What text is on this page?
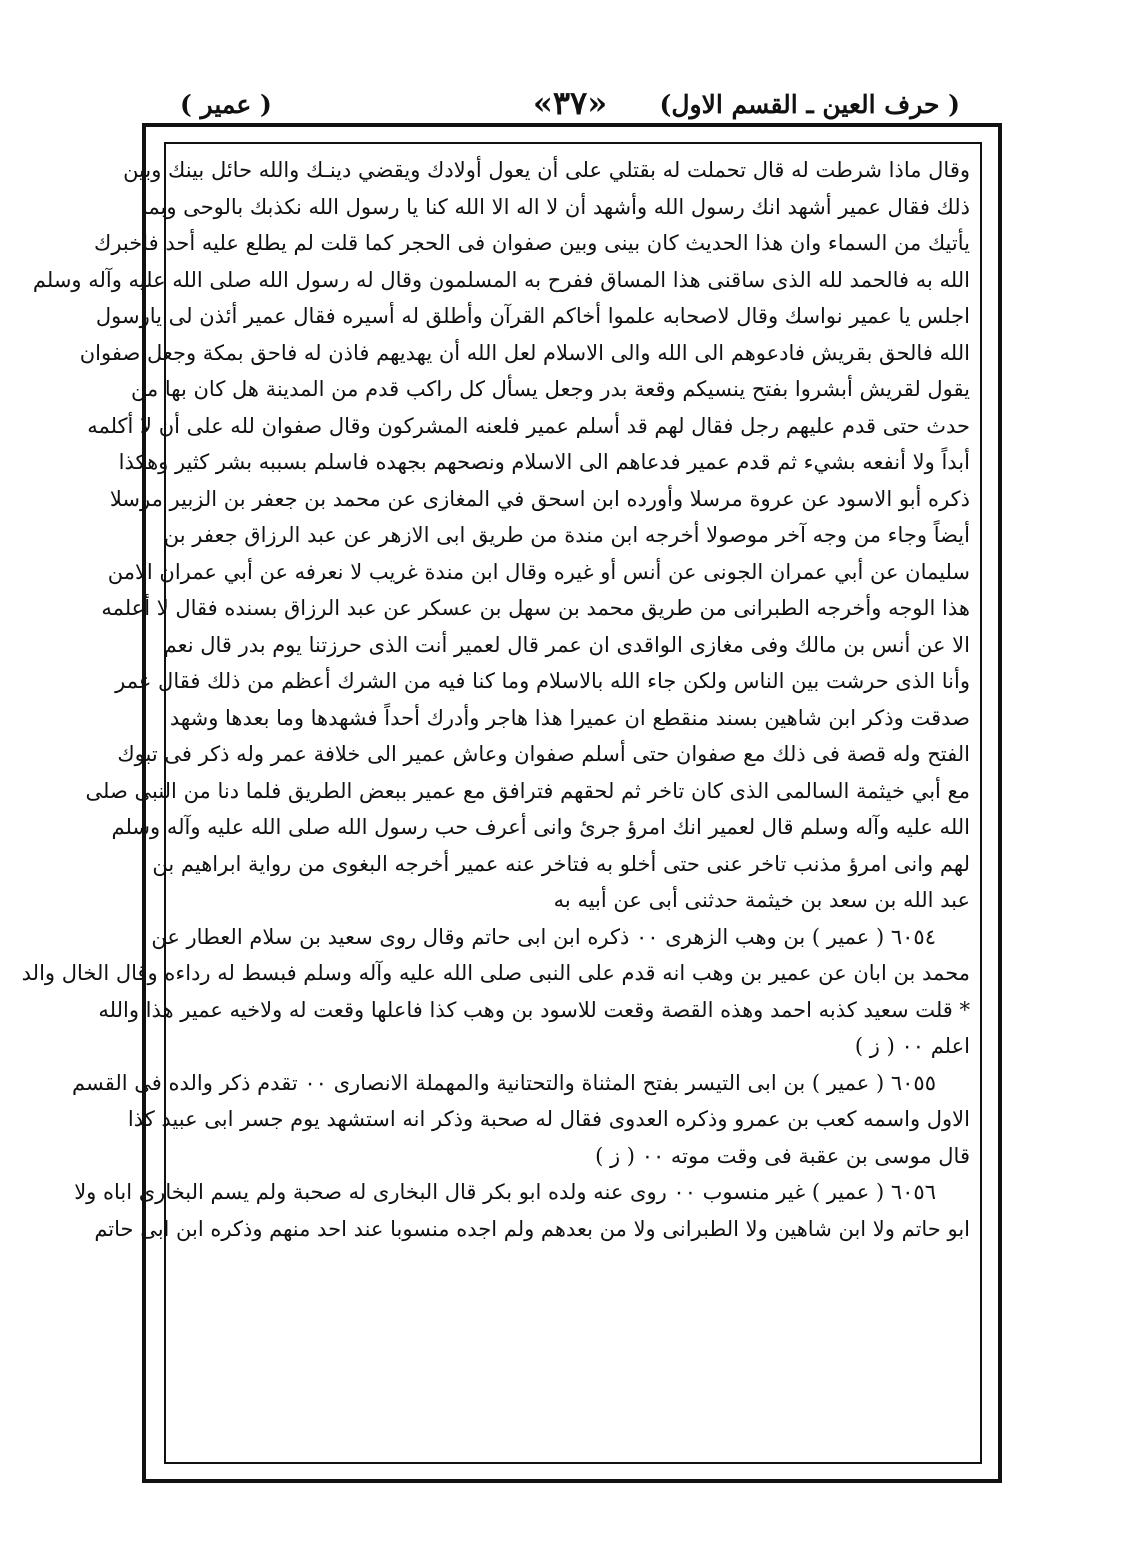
( حرف العين ـ القسم الاول)
«٣٧»
( عمير )
وقال ماذا شرطت له قال تحملت له بقتلي على أن يعول أولادك ويقضي دينـك والله حائل بينك وبين
ذلك فقال عمير أشهد انك رسول الله وأشهد أن لا اله الا الله كنا يا رسول الله نكذبك بالوحى وبما
يأتيك من السماء وان هذا الحديث كان بينى وبين صفوان فى الحجر كما قلت لم يطلع عليه أحد فاخبرك
الله به فالحمد لله الذى ساقنى هذا المساق ففرح به المسلمون وقال له رسول الله صلى الله عليه وآله وسلم
اجلس يا عمير نواسك وقال لاصحابه علموا أخاكم القرآن وأطلق له أسيره فقال عمير أئذن لى يارسول
الله فالحق بقريش فادعوهم الى الله والى الاسلام لعل الله أن يهديهم فاذن له فاحق بمكة وجعل صفوان
يقول لقريش أبشروا بفتح ينسيكم وقعة بدر وجعل يسأل كل راكب قدم من المدينة هل كان بها من
حدث حتى قدم عليهم رجل فقال لهم قد أسلم عمير فلعنه المشركون وقال صفوان لله على أن لا أكلمه
أبداً ولا أنفعه بشيء ثم قدم عمير فدعاهم الى الاسلام ونصحهم بجهده فاسلم بسببه بشر كثير وهكذا
ذكره أبو الاسود عن عروة مرسلا وأورده ابن اسحق في المغازى عن محمد بن جعفر بن الزبير مرسلا
أيضاً وجاء من وجه آخر موصولا أخرجه ابن مندة من طريق ابى الازهر عن عبد الرزاق جعفر بن
سليمان عن أبي عمران الجونى عن أنس أو غيره وقال ابن مندة غريب لا نعرفه عن أبي عمران الامن
هذا الوجه وأخرجه الطبرانى من طريق محمد بن سهل بن عسكر عن عبد الرزاق بسنده فقال لا أعلمه
الا عن أنس بن مالك وفى مغازى الواقدى ان عمر قال لعمير أنت الذى حرزتنا يوم بدر قال نعم
وأنا الذى حرشت بين الناس ولكن جاء الله بالاسلام وما كنا فيه من الشرك أعظم من ذلك فقال عمر
صدقت وذكر ابن شاهين بسند منقطع ان عميرا هذا هاجر وأدرك أحداً فشهدها وما بعدها وشهد
الفتح وله قصة فى ذلك مع صفوان حتى أسلم صفوان وعاش عمير الى خلافة عمر وله ذكر فى تبوك
مع أبي خيثمة السالمى الذى كان تاخر ثم لحقهم فترافق مع عمير ببعض الطريق فلما دنا من النبى صلى
الله عليه وآله وسلم قال لعمير انك امرؤ جرئ وانى أعرف حب رسول الله صلى الله عليه وآله وسلم
لهم وانى امرؤ مذنب تاخر عنى حتى أخلو به فتاخر عنه عمير أخرجه البغوى من رواية ابراهيم بن
عبد الله بن سعد بن خيثمة حدثنى أبى عن أبيه به
٦٠٥٤ ( عمير ) بن وهب الزهرى ٠٠ ذكره ابن ابى حاتم وقال روى سعيد بن سلام العطار عن
محمد بن ابان عن عمير بن وهب انه قدم على النبى صلى الله عليه وآله وسلم فبسط له رداءه وقال الخال والد
* قلت سعيد كذبه احمد وهذه القصة وقعت للاسود بن وهب كذا فاعلها وقعت له ولاخيه عمير هذا والله
اعلم ٠٠ ( ز )
٦٠٥٥ ( عمير ) بن ابى التيسر بفتح المثناة والتحتانية والمهملة الانصارى ٠٠ تقدم ذكر والده فى القسم
الاول واسمه كعب بن عمرو وذكره العدوى فقال له صحبة وذكر انه استشهد يوم جسر ابى عبيد كذا
قال موسى بن عقبة فى وقت موته ٠٠ ( ز )
٦٠٥٦ ( عمير ) غير منسوب ٠٠ روى عنه ولده ابو بكر قال البخارى له صحبة ولم يسم البخارى اباه ولا
ابو حاتم ولا ابن شاهين ولا الطبرانى ولا من بعدهم ولم اجده منسوبا عند احد منهم وذكره ابن ابى حاتم
